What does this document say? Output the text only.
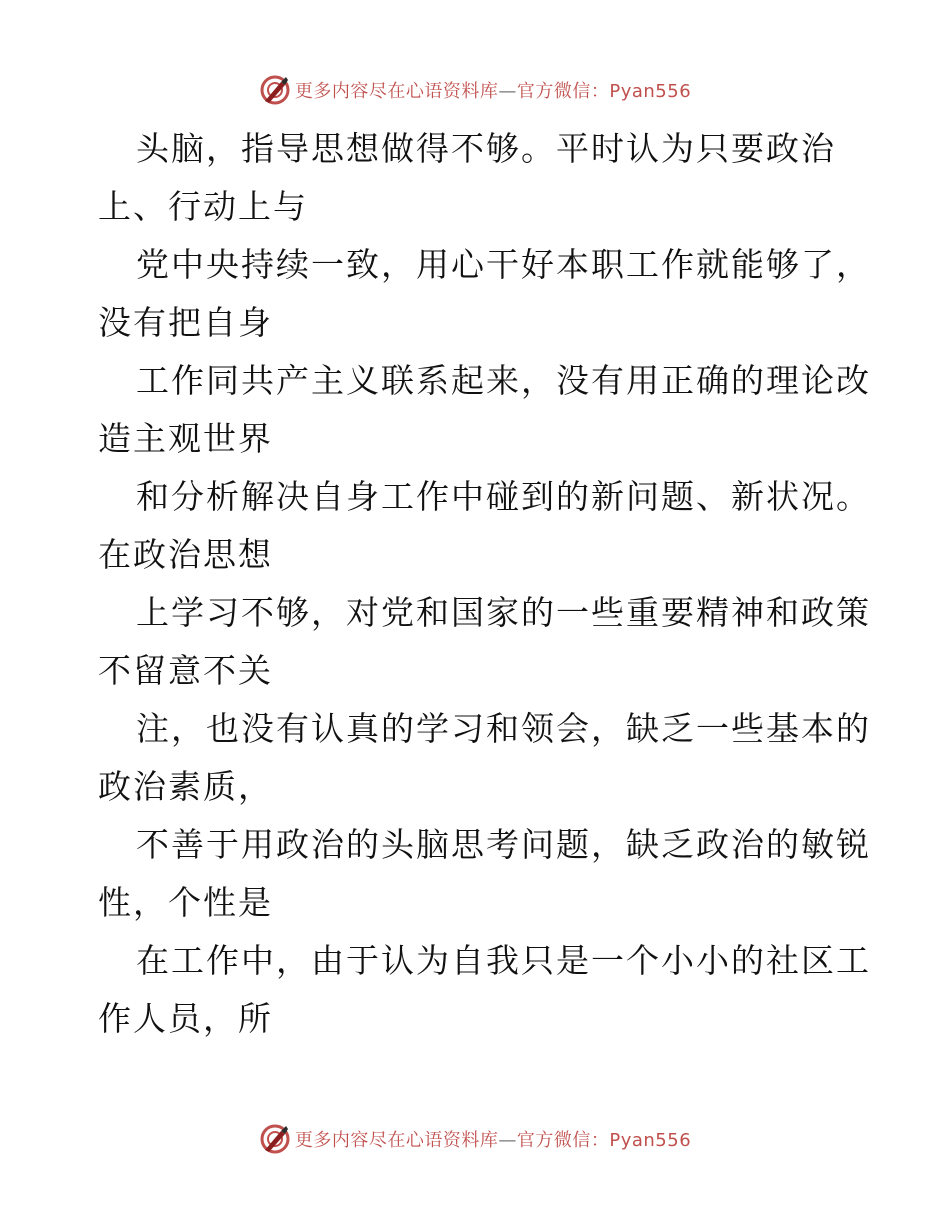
更多内容尽在心语资料库—官方微信：Pyan556
头脑，指导思想做得不够。平时认为只要政治
上、行动上与
党中央持续一致，用心干好本职工作就能够了，
没有把自身
工作同共产主义联系起来，没有用正确的理论改
造主观世界
和分析解决自身工作中碰到的新问题、新状况。
在政治思想
上学习不够，对党和国家的一些重要精神和政策
不留意不关
注，也没有认真的学习和领会，缺乏一些基本的
政治素质，
不善于用政治的头脑思考问题，缺乏政治的敏锐
性，个性是
在工作中，由于认为自我只是一个小小的社区工
作人员，所
更多内容尽在心语资料库—官方微信：Pyan556
